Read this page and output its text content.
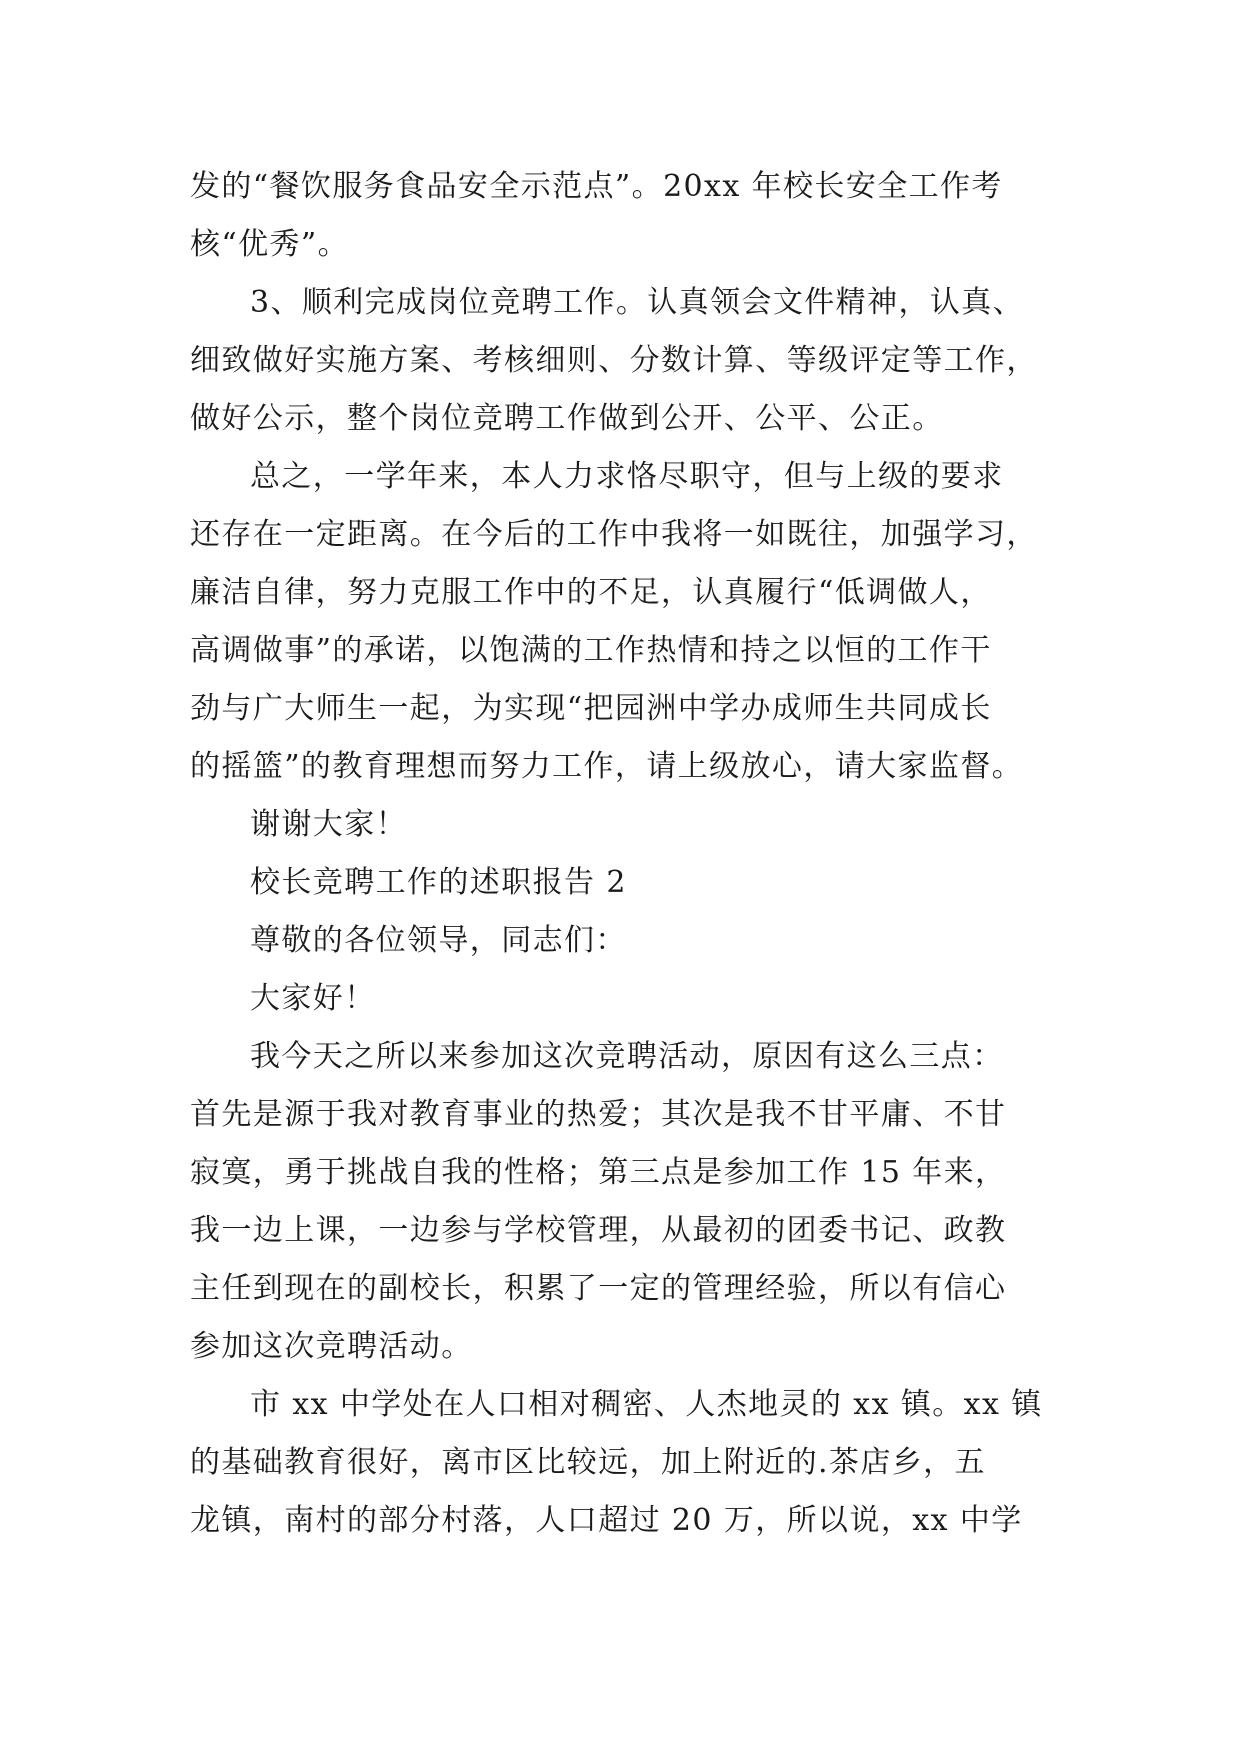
发的“餐饮服务食品安全示范点”。20xx 年校长安全工作考
核“优秀”。
3、顺利完成岗位竞聘工作。认真领会文件精神，认真、
细致做好实施方案、考核细则、分数计算、等级评定等工作，
做好公示，整个岗位竞聘工作做到公开、公平、公正。
总之，一学年来，本人力求恪尽职守，但与上级的要求
还存在一定距离。在今后的工作中我将一如既往，加强学习，
廉洁自律，努力克服工作中的不足，认真履行“低调做人，
高调做事”的承诺，以饱满的工作热情和持之以恒的工作干
劲与广大师生一起，为实现“把园洲中学办成师生共同成长
的摇篮”的教育理想而努力工作，请上级放心，请大家监督。
谢谢大家！
校长竞聘工作的述职报告 2
尊敬的各位领导，同志们：
大家好！
我今天之所以来参加这次竞聘活动，原因有这么三点：
首先是源于我对教育事业的热爱；其次是我不甘平庸、不甘
寂寞，勇于挑战自我的性格；第三点是参加工作 15 年来，
我一边上课，一边参与学校管理，从最初的团委书记、政教
主任到现在的副校长，积累了一定的管理经验，所以有信心
参加这次竞聘活动。
市 xx 中学处在人口相对稠密、人杰地灵的 xx 镇。xx 镇
的基础教育很好，离市区比较远，加上附近的.茶店乡，五
龙镇，南村的部分村落，人口超过 20 万，所以说，xx 中学
